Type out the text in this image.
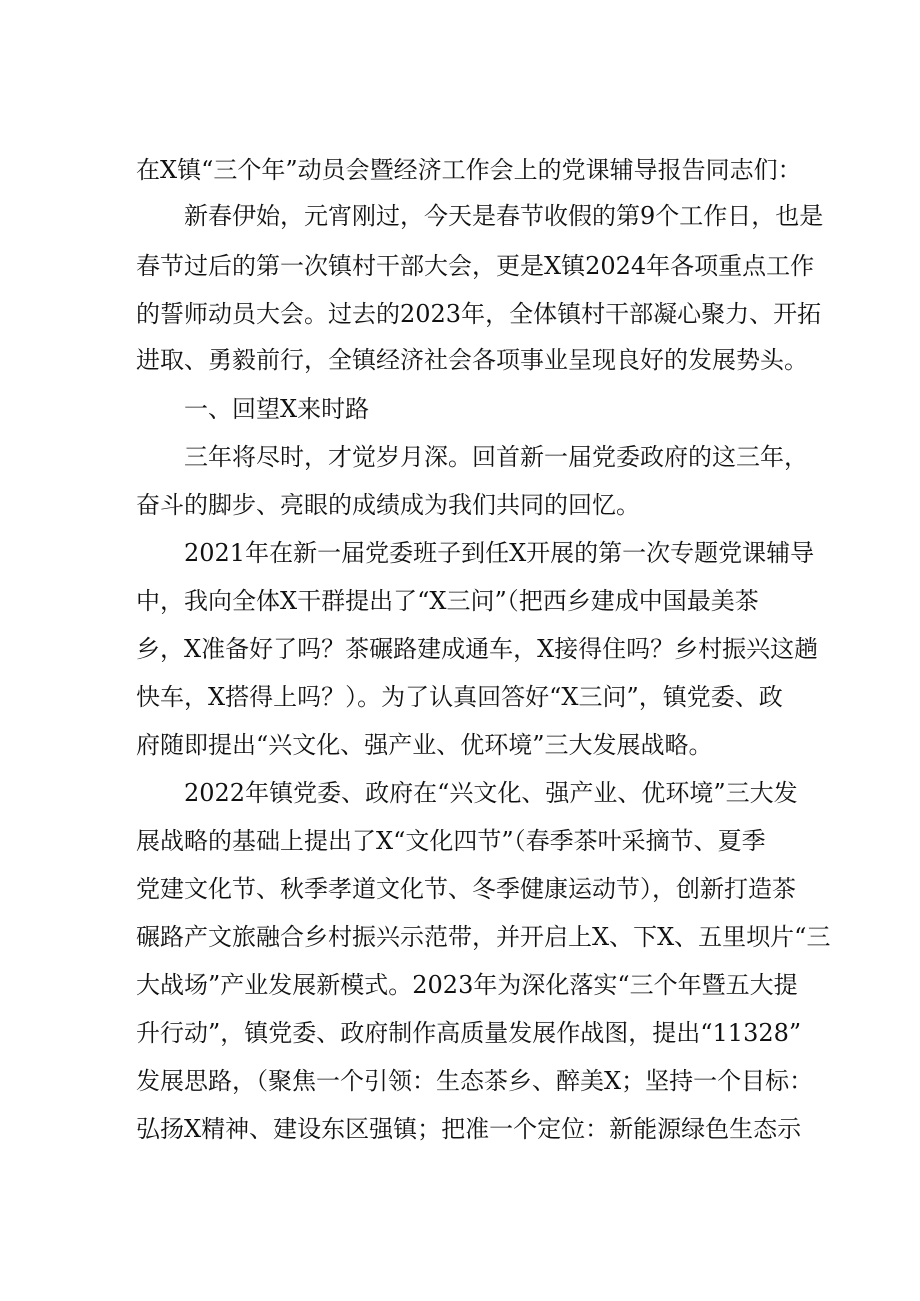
在X镇“三个年”动员会暨经济工作会上的党课辅导报告同志们：
新春伊始，元宵刚过，今天是春节收假的第9个工作日，也是
春节过后的第一次镇村干部大会，更是X镇2024年各项重点工作
的誓师动员大会。过去的2023年，全体镇村干部凝心聚力、开拓
进取、勇毅前行，全镇经济社会各项事业呈现良好的发展势头。
一、回望X来时路
三年将尽时，才觉岁月深。回首新一届党委政府的这三年，
奋斗的脚步、亮眼的成绩成为我们共同的回忆。
2021年在新一届党委班子到任X开展的第一次专题党课辅导
中，我向全体X干群提出了“X三问”（把西乡建成中国最美茶
乡，X准备好了吗？茶碾路建成通车，X接得住吗？乡村振兴这趟
快车，X搭得上吗？）。为了认真回答好“X三问”，镇党委、政
府随即提出“兴文化、强产业、优环境”三大发展战略。
2022年镇党委、政府在“兴文化、强产业、优环境”三大发
展战略的基础上提出了X“文化四节”（春季茶叶采摘节、夏季
党建文化节、秋季孝道文化节、冬季健康运动节），创新打造茶
碾路产文旅融合乡村振兴示范带，并开启上X、下X、五里坝片“三
大战场”产业发展新模式。2023年为深化落实“三个年暨五大提
升行动”，镇党委、政府制作高质量发展作战图，提出“11328”
发展思路，（聚焦一个引领：生态茶乡、醉美X；坚持一个目标：
弘扬X精神、建设东区强镇；把准一个定位：新能源绿色生态示
